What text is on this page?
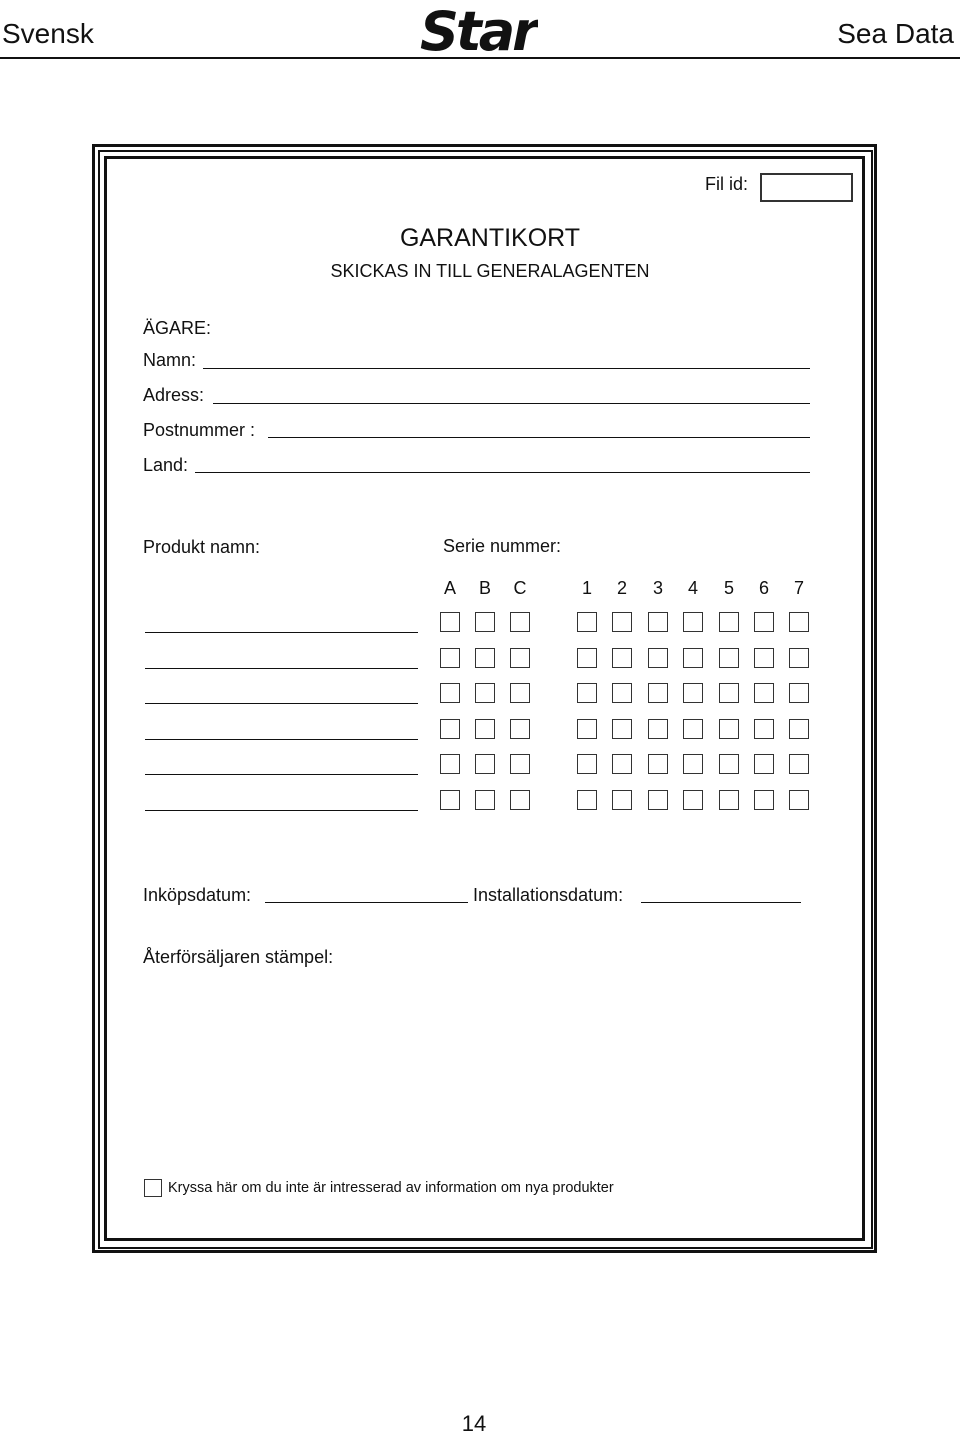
Svensk	Star	Sea Data
Fil id:
GARANTIKORT
SKICKAS IN TILL GENERALAGENTEN
ÄGARE:
Namn:
Adress:
Postnummer :
Land:
Produkt namn:	Serie nummer:
A	B	C	1	2	3	4	5	6	7
Inköpsdatum:	Installationsdatum:
Återförsäljaren stämpel:
Kryssa här om du inte är intresserad av information om nya produkter
14
